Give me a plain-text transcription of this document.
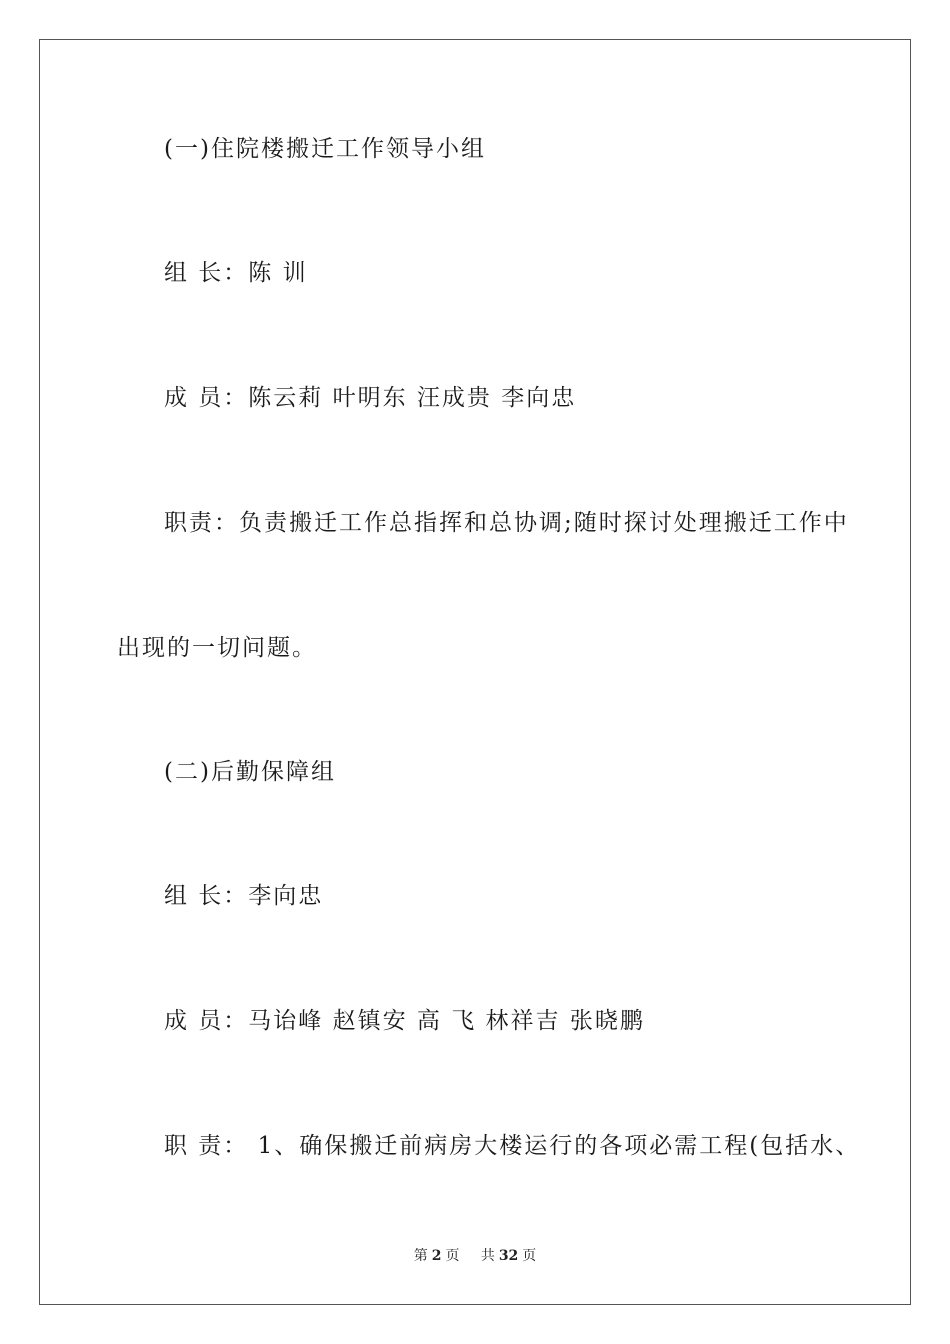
(一)住院楼搬迁工作领导小组
组 长：陈 训
成 员：陈云莉 叶明东 汪成贵 李向忠
职责：负责搬迁工作总指挥和总协调;随时探讨处理搬迁工作中
出现的一切问题。
(二)后勤保障组
组 长：李向忠
成 员：马诒峰 赵镇安 高 飞 林祥吉 张晓鹏
职 责： 1、确保搬迁前病房大楼运行的各项必需工程(包括水、
第 2 页 共 32 页
